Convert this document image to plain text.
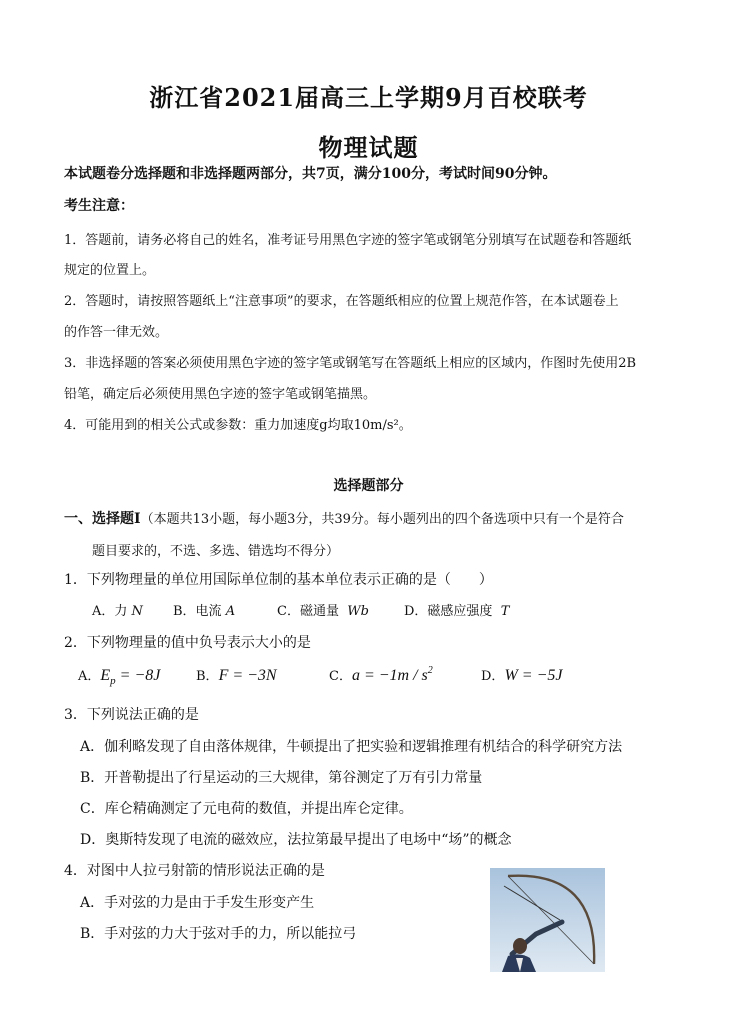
浙江省2021届高三上学期9月百校联考
物理试题
本试题卷分选择题和非选择题两部分，共7页，满分100分，考试时间90分钟。
考生注意：
1．答题前，请务必将自己的姓名，准考证号用黑色字迹的签字笔或钢笔分别填写在试题卷和答题纸
规定的位置上。
2．答题时，请按照答题纸上“注意事项”的要求，在答题纸相应的位置上规范作答，在本试题卷上
的作答一律无效。
3．非选择题的答案必须使用黑色字迹的签字笔或钢笔写在答题纸上相应的区域内，作图时先使用2B
铅笔，确定后必须使用黑色字迹的签字笔或钢笔描黑。
4．可能用到的相关公式或参数：重力加速度g均取10m/s²。
选择题部分
一、选择题Ⅰ（本题共13小题，每小题3分，共39分。每小题列出的四个备选项中只有一个是符合
题目要求的，不选、多选、错选均不得分）
1．下列物理量的单位用国际单位制的基本单位表示正确的是（　　）
A．力 N B．电流 A	C．磁通量 Wb	D．磁感应强度 T
2．下列物理量的值中负号表示大小的是
A．$E_p = -8J$	B．F = −3N	C．$a = -1m / s^2$	D．W = −5J
3．下列说法正确的是
A．伽利略发现了自由落体规律，牛顿提出了把实验和逻辑推理有机结合的科学研究方法
B．开普勒提出了行星运动的三大规律，第谷测定了万有引力常量
C．库仑精确测定了元电荷的数值，并提出库仑定律。
D．奥斯特发现了电流的磁效应，法拉第最早提出了电场中“场”的概念
4．对图中人拉弓射箭的情形说法正确的是
A．手对弦的力是由于手发生形变产生
B．手对弦的力大于弦对手的力，所以能拉弓
